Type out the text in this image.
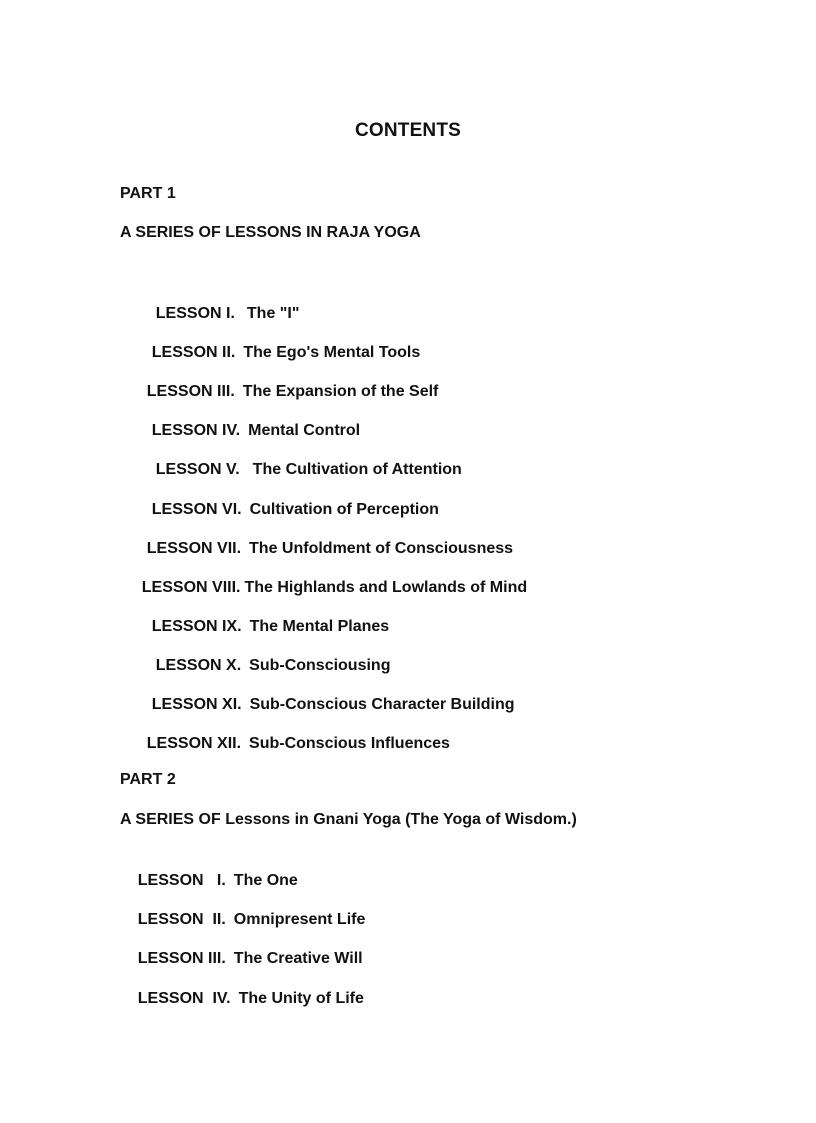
CONTENTS
PART 1
A SERIES OF LESSONS IN RAJA YOGA

LESSON I. The "I"

LESSON II. The Ego's Mental Tools

LESSON III. The Expansion of the Self

LESSON IV. Mental Control

LESSON V. The Cultivation of Attention

LESSON VI. Cultivation of Perception

LESSON VII. The Unfoldment of Consciousness

LESSON VIII. The Highlands and Lowlands of Mind

LESSON IX. The Mental Planes

LESSON X. Sub-Consciousing

LESSON XI. Sub-Conscious Character Building

LESSON XII. Sub-Conscious Influences

PART 2
A SERIES OF Lessons in Gnani Yoga (The Yoga of Wisdom.)

LESSON   I. The One

LESSON  II. Omnipresent Life

LESSON III. The Creative Will

LESSON  IV. The Unity of Life
